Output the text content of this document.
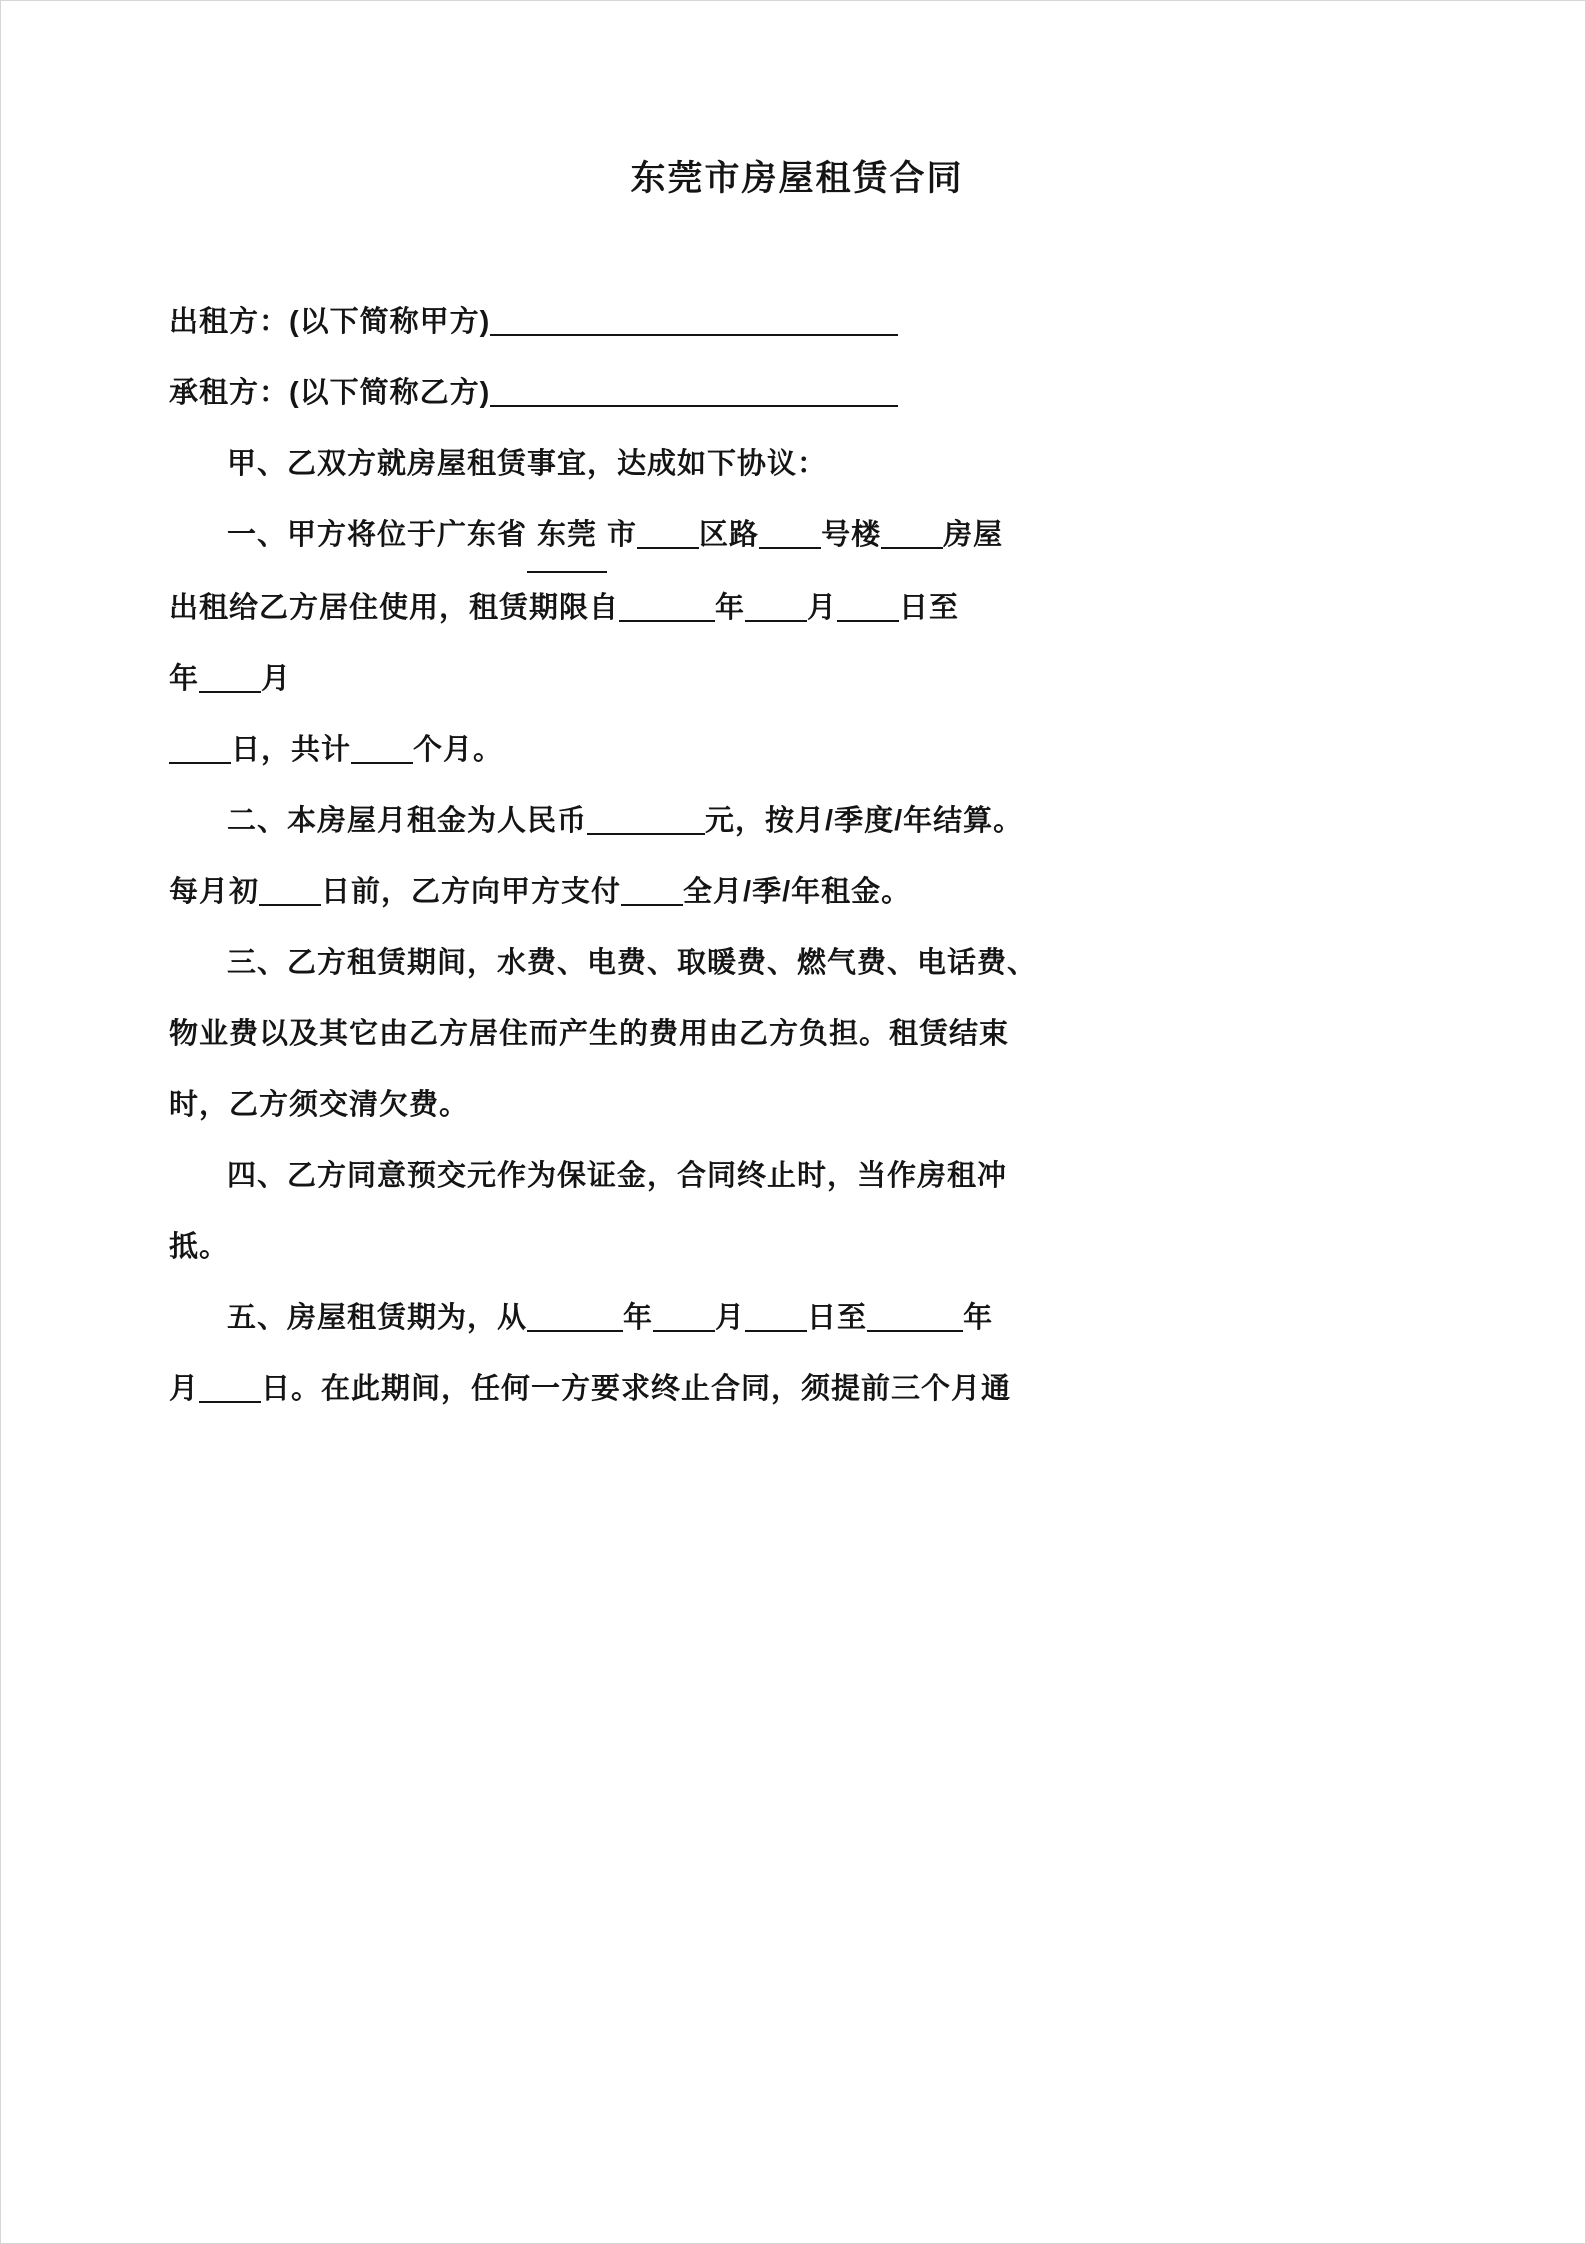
东莞市房屋租赁合同
出租方：(以下简称甲方)
承租方：(以下简称乙方)
甲、乙双方就房屋租赁事宜，达成如下协议：
一、甲方将位于广东省 东莞 市 区路 号楼 房屋
出租给乙方居住使用，租赁期限自	年 月 日至
年 月
日，共计 个月。
二、本房屋月租金为人民币	元，按月/季度/年结算。
每月初 日前，乙方向甲方支付 全月/季/年租金。
三、乙方租赁期间，水费、电费、取暖费、燃气费、电话费、
物业费以及其它由乙方居住而产生的费用由乙方负担。租赁结束
时，乙方须交清欠费。
四、乙方同意预交元作为保证金，合同终止时，当作房租冲
抵。
五、房屋租赁期为，从	年 月 日至	年
月 日。在此期间，任何一方要求终止合同，须提前三个月通
